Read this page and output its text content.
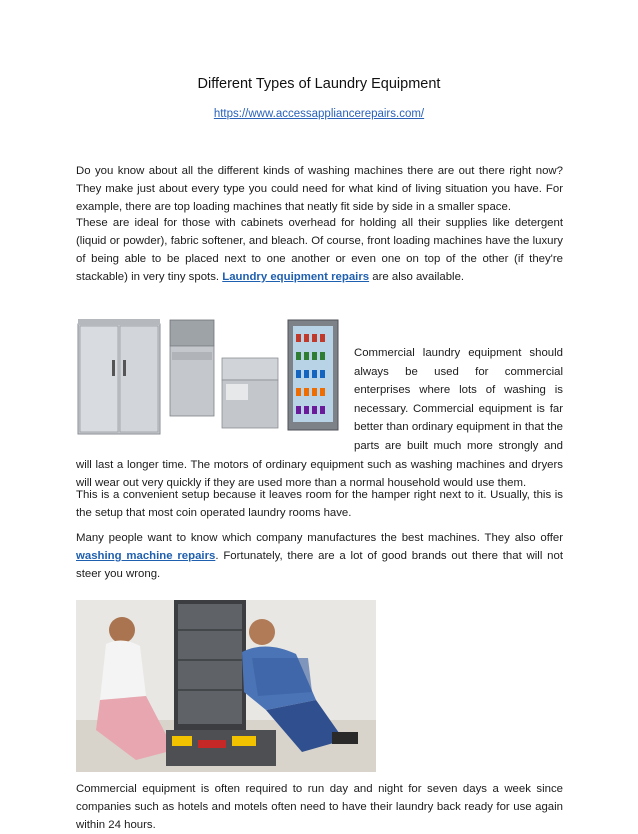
Different Types of Laundry Equipment
https://www.accessappliancerepairs.com/

Do you know about all the different kinds of washing machines there are out there right now? They make just about every type you could need for what kind of living situation you have. For example, there are top loading machines that neatly fit side by side in a smaller space.

These are ideal for those with cabinets overhead for holding all their supplies like detergent (liquid or powder), fabric softener, and bleach. Of course, front loading machines have the luxury of being able to be placed next to one another or even one on top of the other (if they're stackable) in very tiny spots. Laundry equipment repairs are also available.

Commercial laundry equipment should always be used for commercial enterprises where lots of washing is necessary. Commercial equipment is far better than ordinary equipment in that the parts are built much more strongly and will last a longer time. The motors of ordinary equipment such as washing machines and dryers will wear out very quickly if they are used more than a normal household would use them.

This is a convenient setup because it leaves room for the hamper right next to it. Usually, this is the setup that most coin operated laundry rooms have.

Many people want to know which company manufactures the best machines. They also offer washing machine repairs. Fortunately, there are a lot of good brands out there that will not steer you wrong.

Commercial equipment is often required to run day and night for seven days a week since companies such as hotels and motels often need to have their laundry back ready for use again within 24 hours.
